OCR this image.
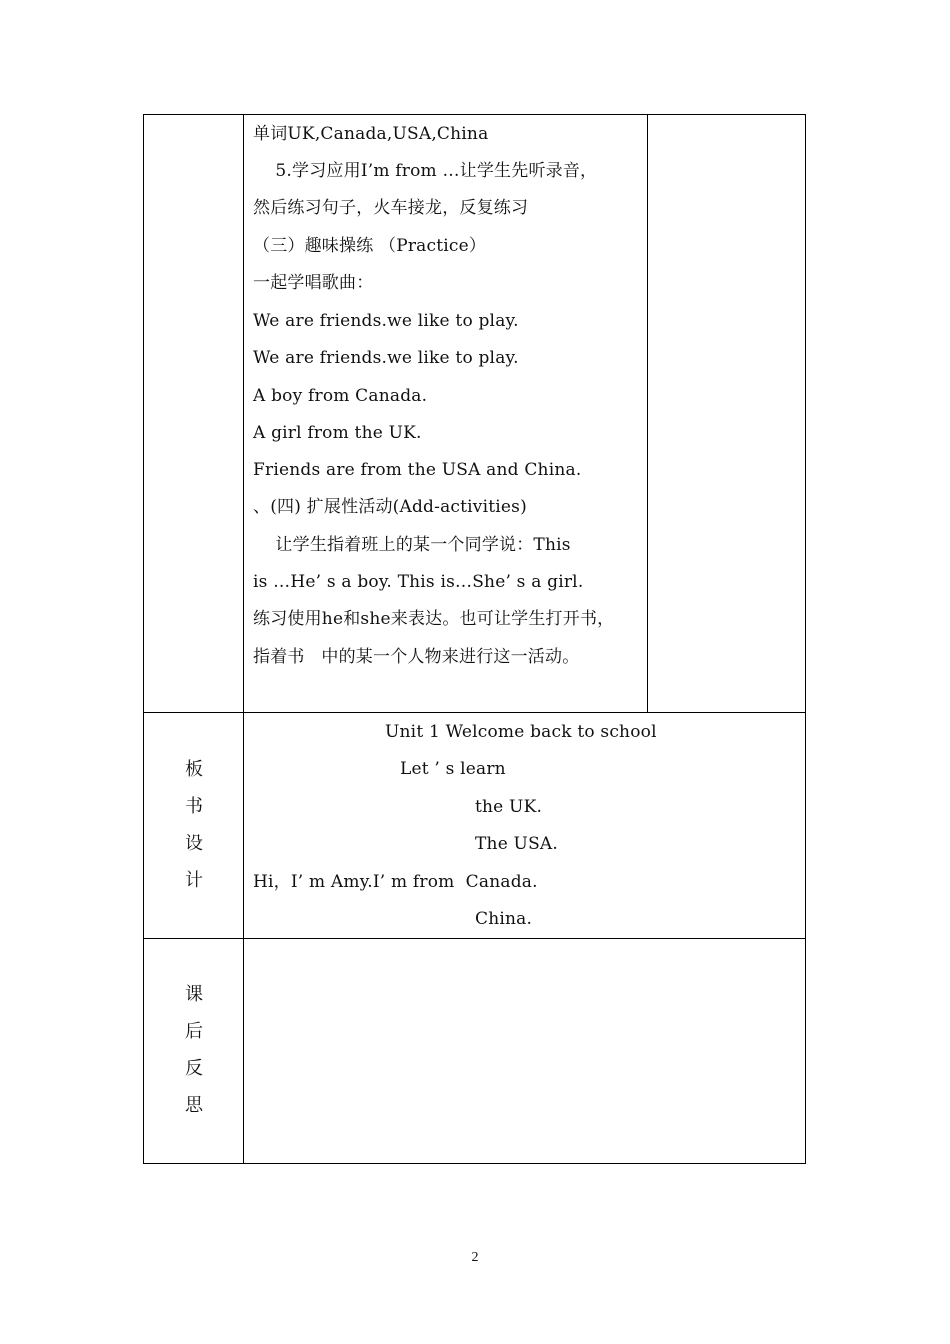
单词UK,Canada,USA,China
5.学习应用I’m from …让学生先听录音，
然后练习句子，火车接龙，反复练习
（三）趣味操练 （Practice）
一起学唱歌曲：
We are friends.we like to play.
We are friends.we like to play.
A boy from Canada.
A girl from the UK.
Friends are from the USA and China.
、(四) 扩展性活动(Add-activities)
让学生指着班上的某一个同学说：This
is …He’ s a boy. This is…She’ s a girl.
练习使用he和she来表达。也可让学生打开书，
指着书   中的某一个人物来进行这一活动。
板
书
设
计
Unit 1 Welcome back to school
Let ’ s learn
the UK.
The USA.
Hi，I’ m Amy.I’ m from  Canada.
China.
课
后
反
思
2
